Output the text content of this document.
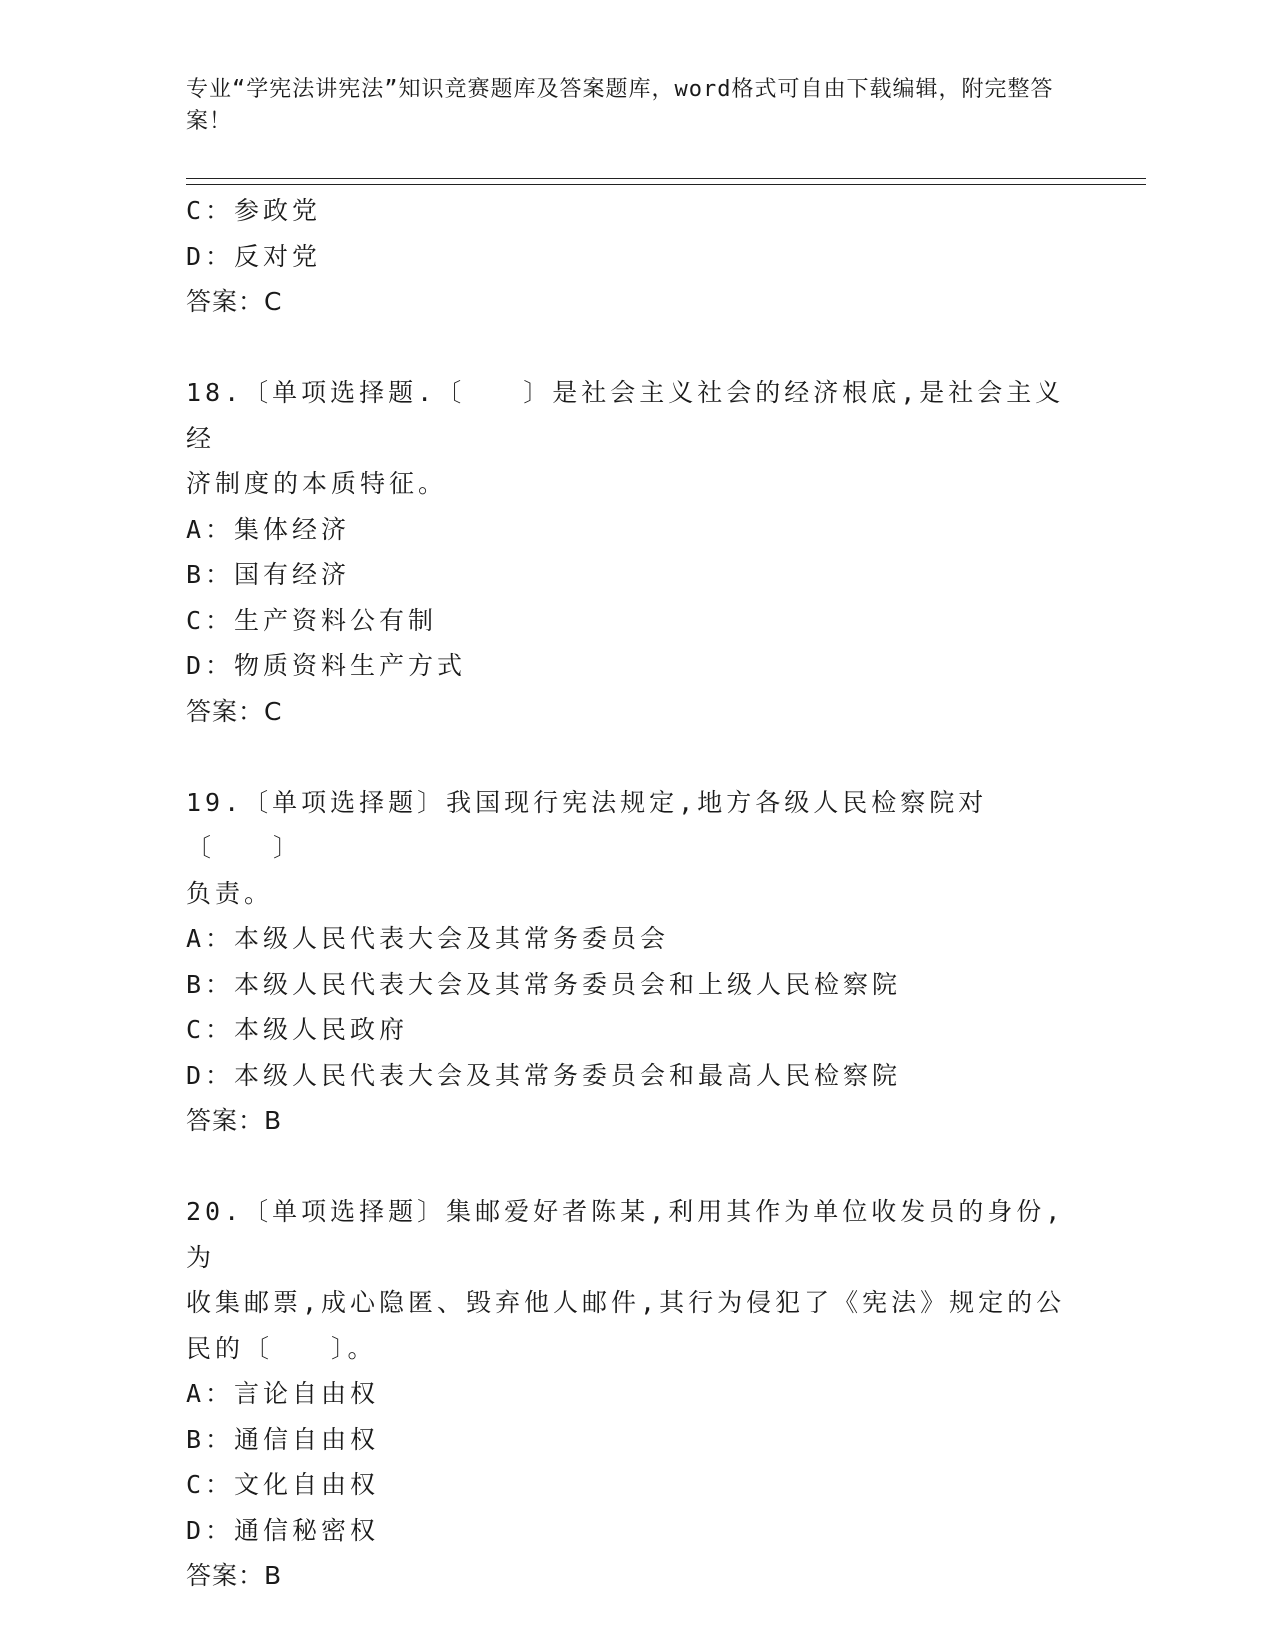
专业“学宪法讲宪法”知识竞赛题库及答案题库，word格式可自由下载编辑，附完整答案！
C：参政党
D：反对党
答案：C
18.〔单项选择题.〔　　〕是社会主义社会的经济根底,是社会主义经
济制度的本质特征。
A：集体经济
B：国有经济
C：生产资料公有制
D：物质资料生产方式
答案：C
19.〔单项选择题〕我国现行宪法规定,地方各级人民检察院对〔　　〕
负责。
A：本级人民代表大会及其常务委员会
B：本级人民代表大会及其常务委员会和上级人民检察院
C：本级人民政府
D：本级人民代表大会及其常务委员会和最高人民检察院
答案：B
20.〔单项选择题〕集邮爱好者陈某,利用其作为单位收发员的身份,为
收集邮票,成心隐匿、毁弃他人邮件,其行为侵犯了《宪法》规定的公
民的〔　　〕。
A：言论自由权
B：通信自由权
C：文化自由权
D：通信秘密权
答案：B
